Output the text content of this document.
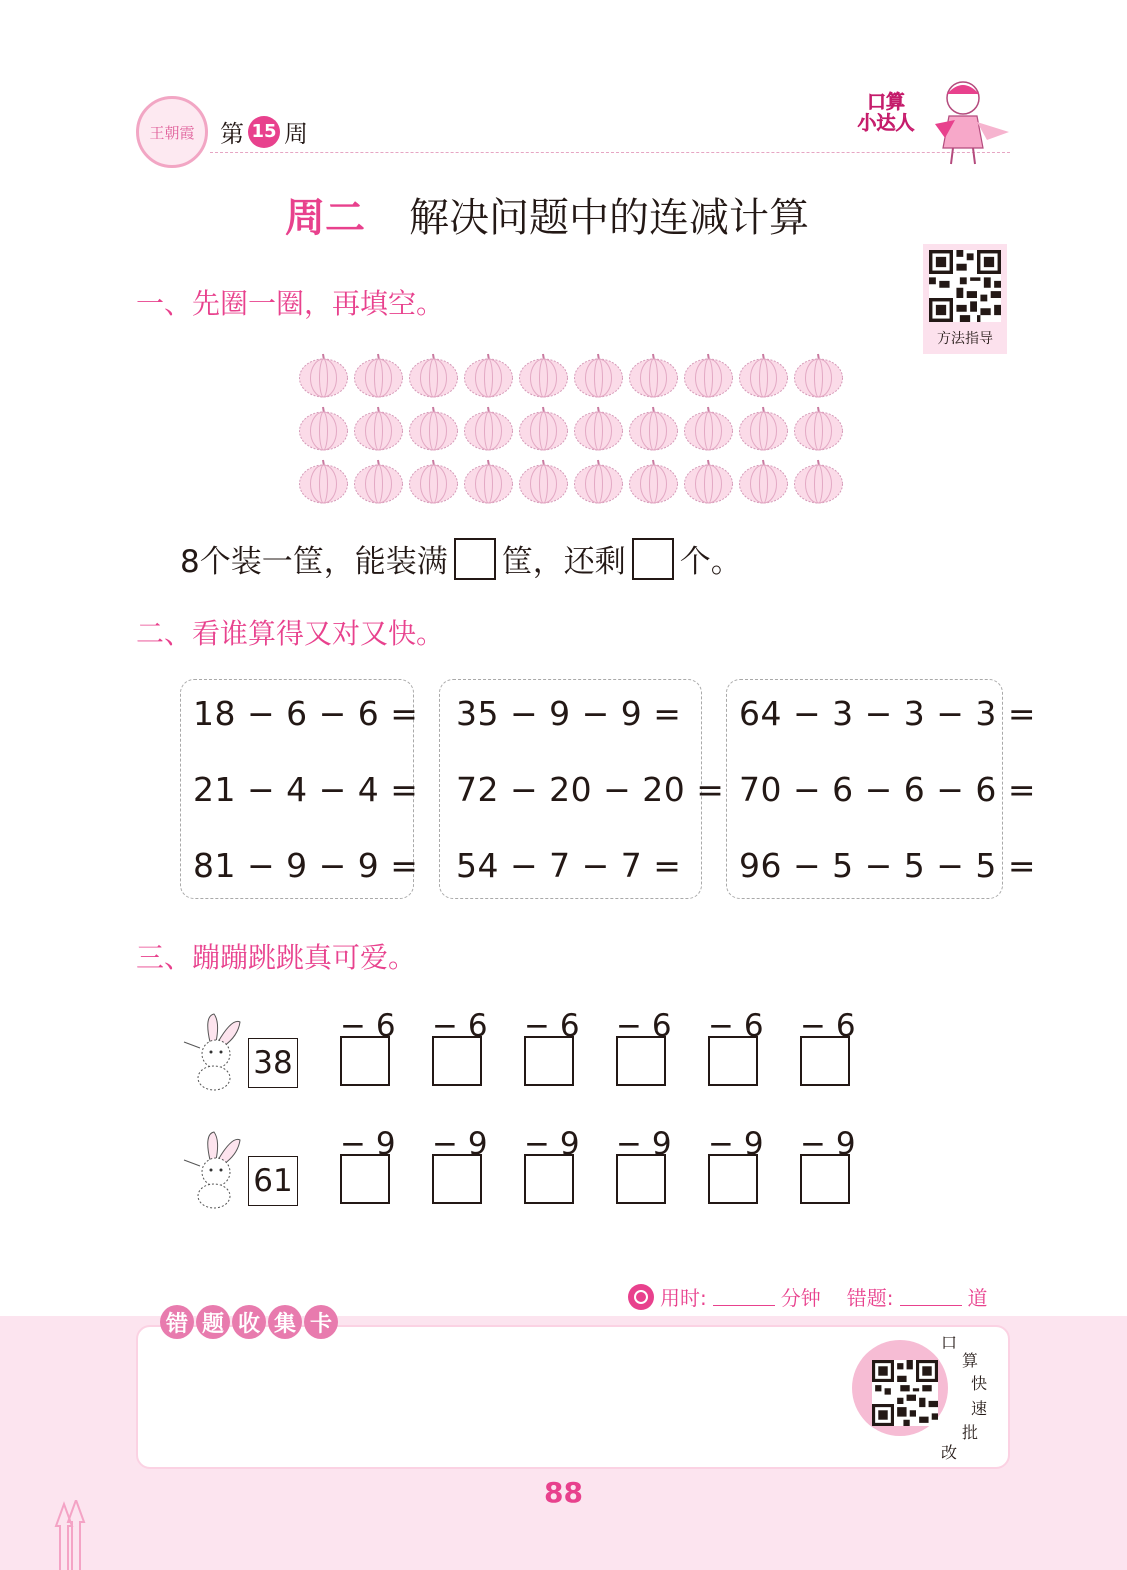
王朝霞 第 15 周
口算
小达人
周二 解决问题中的连减计算
方法指导
一、先圈一圈，再填空。
8个装一筐，能装满 筐，还剩 个。
二、看谁算得又对又快。
18 − 6 − 6 =
21 − 4 − 4 =
81 − 9 − 9 =
35 − 9 − 9 =
72 − 20 − 20 =
54 − 7 − 7 =
64 − 3 − 3 − 3 =
70 − 6 − 6 − 6 =
96 − 5 − 5 − 5 =
三、蹦蹦跳跳真可爱。
38
− 6 − 6 − 6 − 6 − 6 − 6
61
− 9 − 9 − 9 − 9 − 9 − 9
用时:	分钟 错题:	道
错 题 收 集 卡
口
算
快
速
批
改
88
